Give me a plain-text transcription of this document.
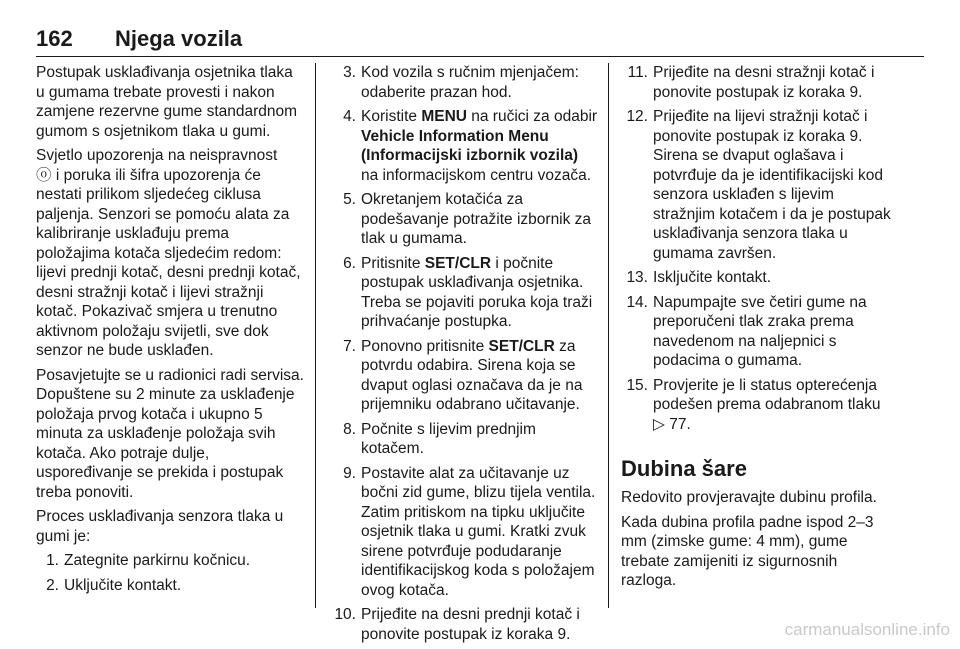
162 Njega vozila

Postupak usklađivanja osjetnika tlaka u gumama trebate provesti i nakon zamjene rezervne gume standardnom gumom s osjetnikom tlaka u gumi.

Svjetlo upozorenja na neispravnost
ⓞ i poruka ili šifra upozorenja će nestati prilikom sljedećeg ciklusa paljenja. Senzori se pomoću alata za kalibriranje usklađuju prema položajima kotača sljedećim redom: lijevi prednji kotač, desni prednji kotač, desni stražnji kotač i lijevi stražnji kotač. Pokazivač smjera u trenutno aktivnom položaju svijetli, sve dok senzor ne bude usklađen.

Posavjetujte se u radionici radi servisa. Dopuštene su 2 minute za usklađenje položaja prvog kotača i ukupno 5 minuta za usklađenje položaja svih kotača. Ako potraje dulje, uspoređivanje se prekida i postupak treba ponoviti.

Proces usklađivanja senzora tlaka u gumi je:

1. Zategnite parkirnu kočnicu.
2. Uključite kontakt.
3. Kod vozila s ručnim mjenjačem: odaberite prazan hod.
4. Koristite MENU na ručici za odabir Vehicle Information Menu (Informacijski izbornik vozila) na informacijskom centru vozača.
5. Okretanjem kotačića za podešavanje potražite izbornik za tlak u gumama.
6. Pritisnite SET/CLR i počnite postupak usklađivanja osjetnika. Treba se pojaviti poruka koja traži prihvaćanje postupka.
7. Ponovno pritisnite SET/CLR za potvrdu odabira. Sirena koja se dvaput oglasi označava da je na prijemniku odabrano učitavanje.
8. Počnite s lijevim prednjim kotačem.
9. Postavite alat za učitavanje uz bočni zid gume, blizu tijela ventila. Zatim pritiskom na tipku uključite osjetnik tlaka u gumi. Kratki zvuk sirene potvrđuje podudaranje identifikacijskog koda s položajem ovog kotača.
10. Prijeđite na desni prednji kotač i ponovite postupak iz koraka 9.
11. Prijeđite na desni stražnji kotač i ponovite postupak iz koraka 9.
12. Prijeđite na lijevi stražnji kotač i ponovite postupak iz koraka 9. Sirena se dvaput oglašava i potvrđuje da je identifikacijski kod senzora usklađen s lijevim stražnjim kotačem i da je postupak usklađivanja senzora tlaka u gumama završen.
13. Isključite kontakt.
14. Napumpajte sve četiri gume na preporučeni tlak zraka prema navedenom na naljepnici s podacima o gumama.
15. Provjerite je li status opterećenja podešen prema odabranom tlaku
▷ 77.
Dubina šare

Redovito provjeravajte dubinu profila.

Kada dubina profila padne ispod 2–3 mm (zimske gume: 4 mm), gume trebate zamijeniti iz sigurnosnih razloga.

carmanualsonline.info
